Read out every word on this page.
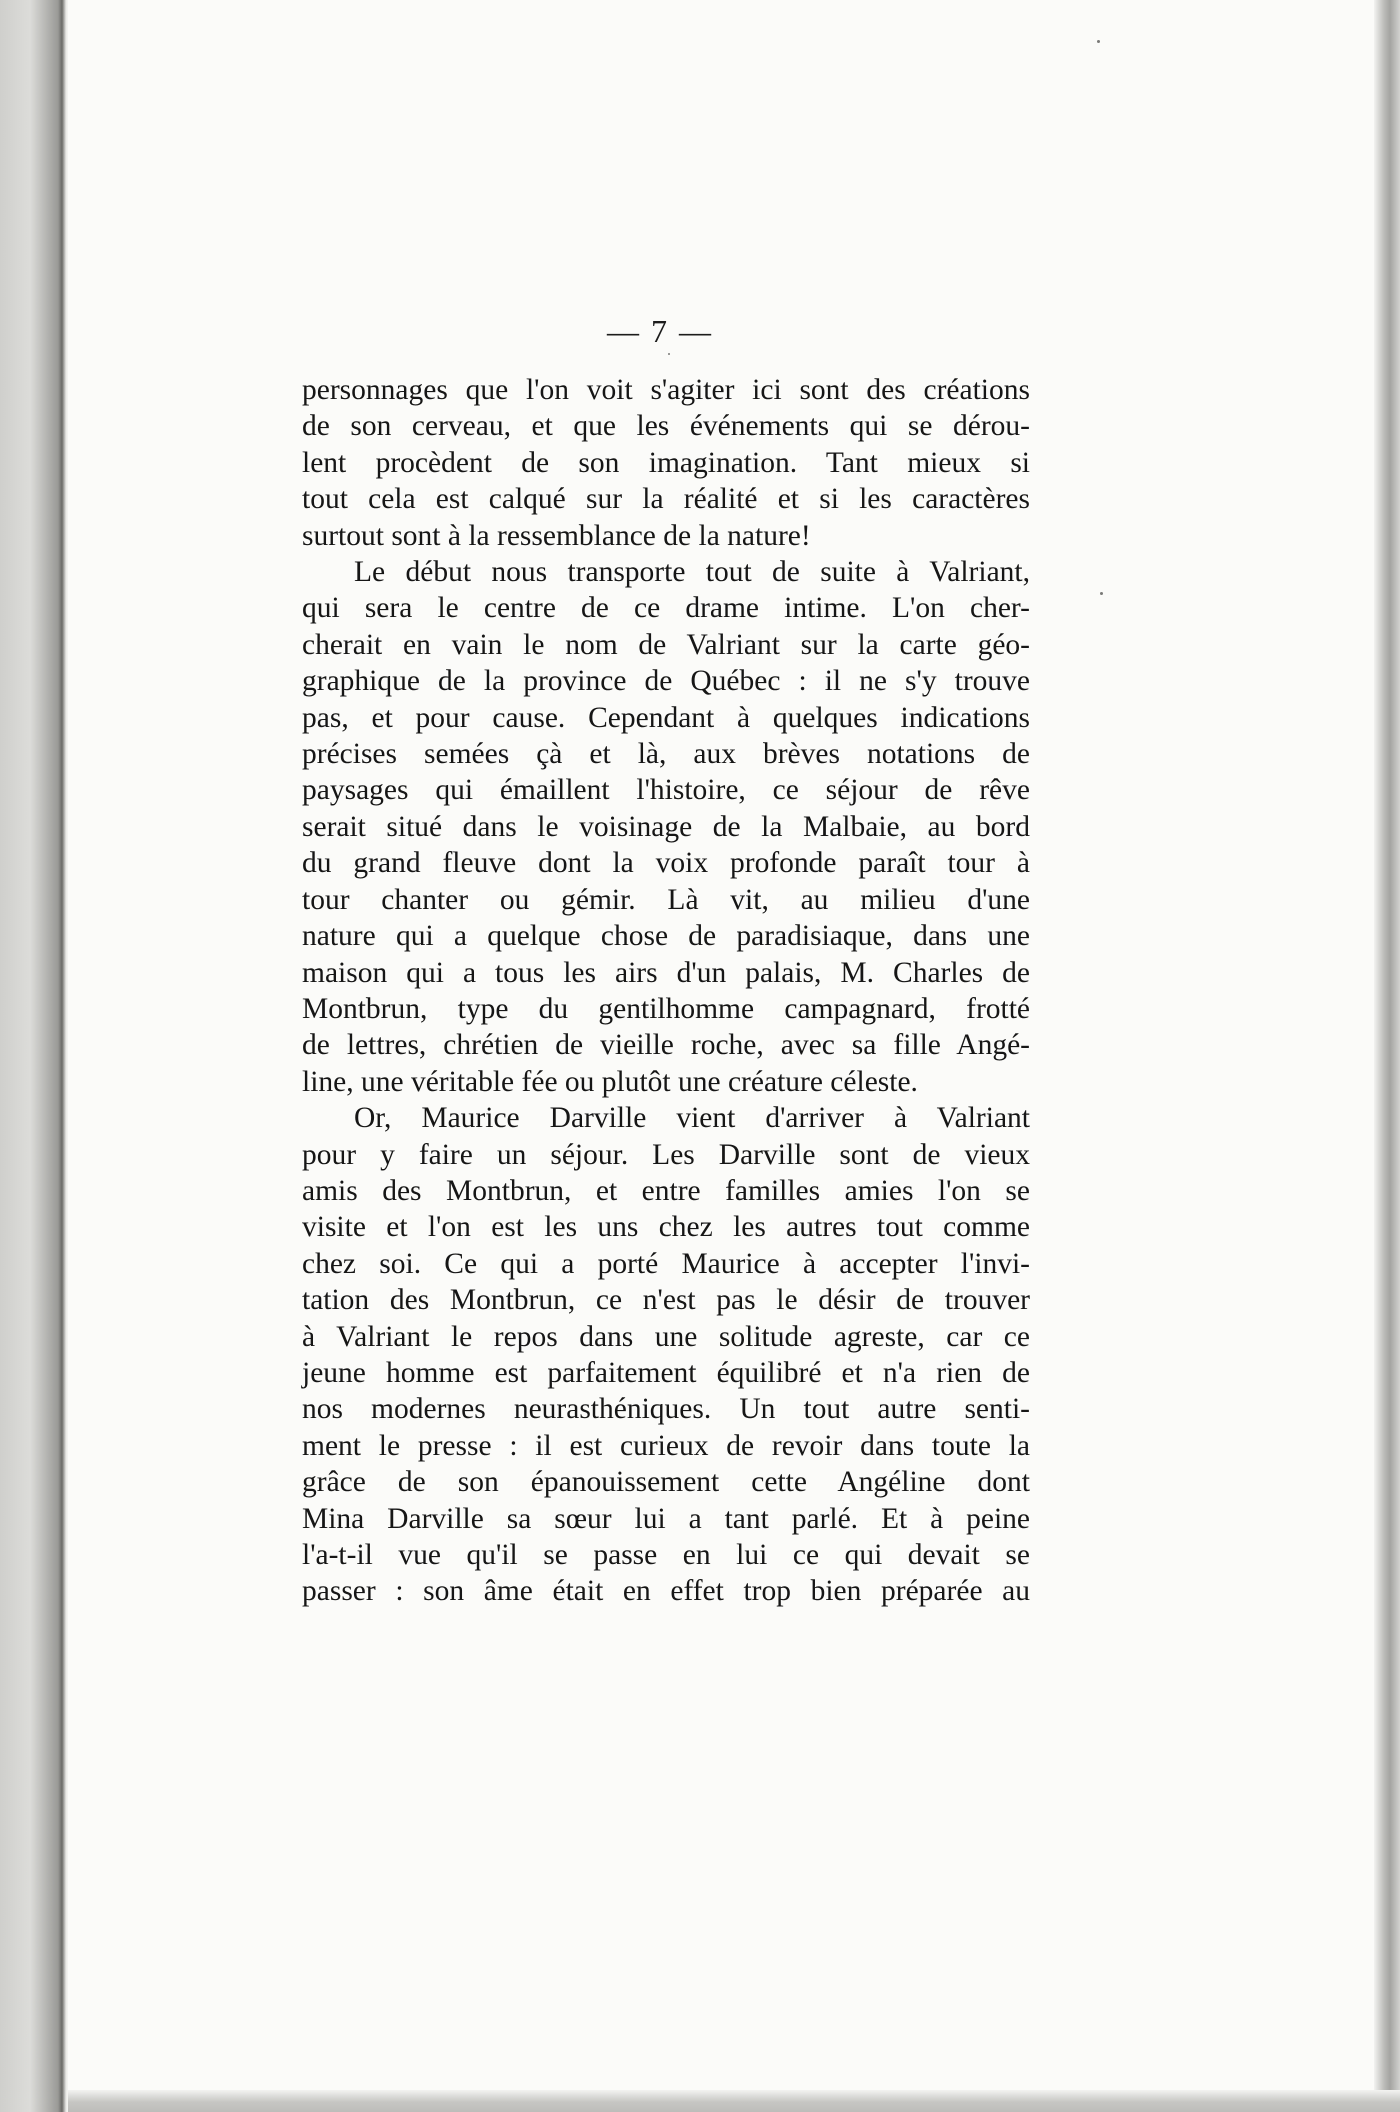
— 7 —
personnages que l'on voit s'agiter ici sont des créations
de son cerveau, et que les événements qui se dérou-
lent procèdent de son imagination. Tant mieux si
tout cela est calqué sur la réalité et si les caractères
surtout sont à la ressemblance de la nature!
Le début nous transporte tout de suite à Valriant,
qui sera le centre de ce drame intime. L'on cher-
cherait en vain le nom de Valriant sur la carte géo-
graphique de la province de Québec : il ne s'y trouve
pas, et pour cause. Cependant à quelques indications
précises semées çà et là, aux brèves notations de
paysages qui émaillent l'histoire, ce séjour de rêve
serait situé dans le voisinage de la Malbaie, au bord
du grand fleuve dont la voix profonde paraît tour à
tour chanter ou gémir. Là vit, au milieu d'une
nature qui a quelque chose de paradisiaque, dans une
maison qui a tous les airs d'un palais, M. Charles de
Montbrun, type du gentilhomme campagnard, frotté
de lettres, chrétien de vieille roche, avec sa fille Angé-
line, une véritable fée ou plutôt une créature céleste.
Or, Maurice Darville vient d'arriver à Valriant
pour y faire un séjour. Les Darville sont de vieux
amis des Montbrun, et entre familles amies l'on se
visite et l'on est les uns chez les autres tout comme
chez soi. Ce qui a porté Maurice à accepter l'invi-
tation des Montbrun, ce n'est pas le désir de trouver
à Valriant le repos dans une solitude agreste, car ce
jeune homme est parfaitement équilibré et n'a rien de
nos modernes neurasthéniques. Un tout autre senti-
ment le presse : il est curieux de revoir dans toute la
grâce de son épanouissement cette Angéline dont
Mina Darville sa sœur lui a tant parlé. Et à peine
l'a-t-il vue qu'il se passe en lui ce qui devait se
passer : son âme était en effet trop bien préparée au
